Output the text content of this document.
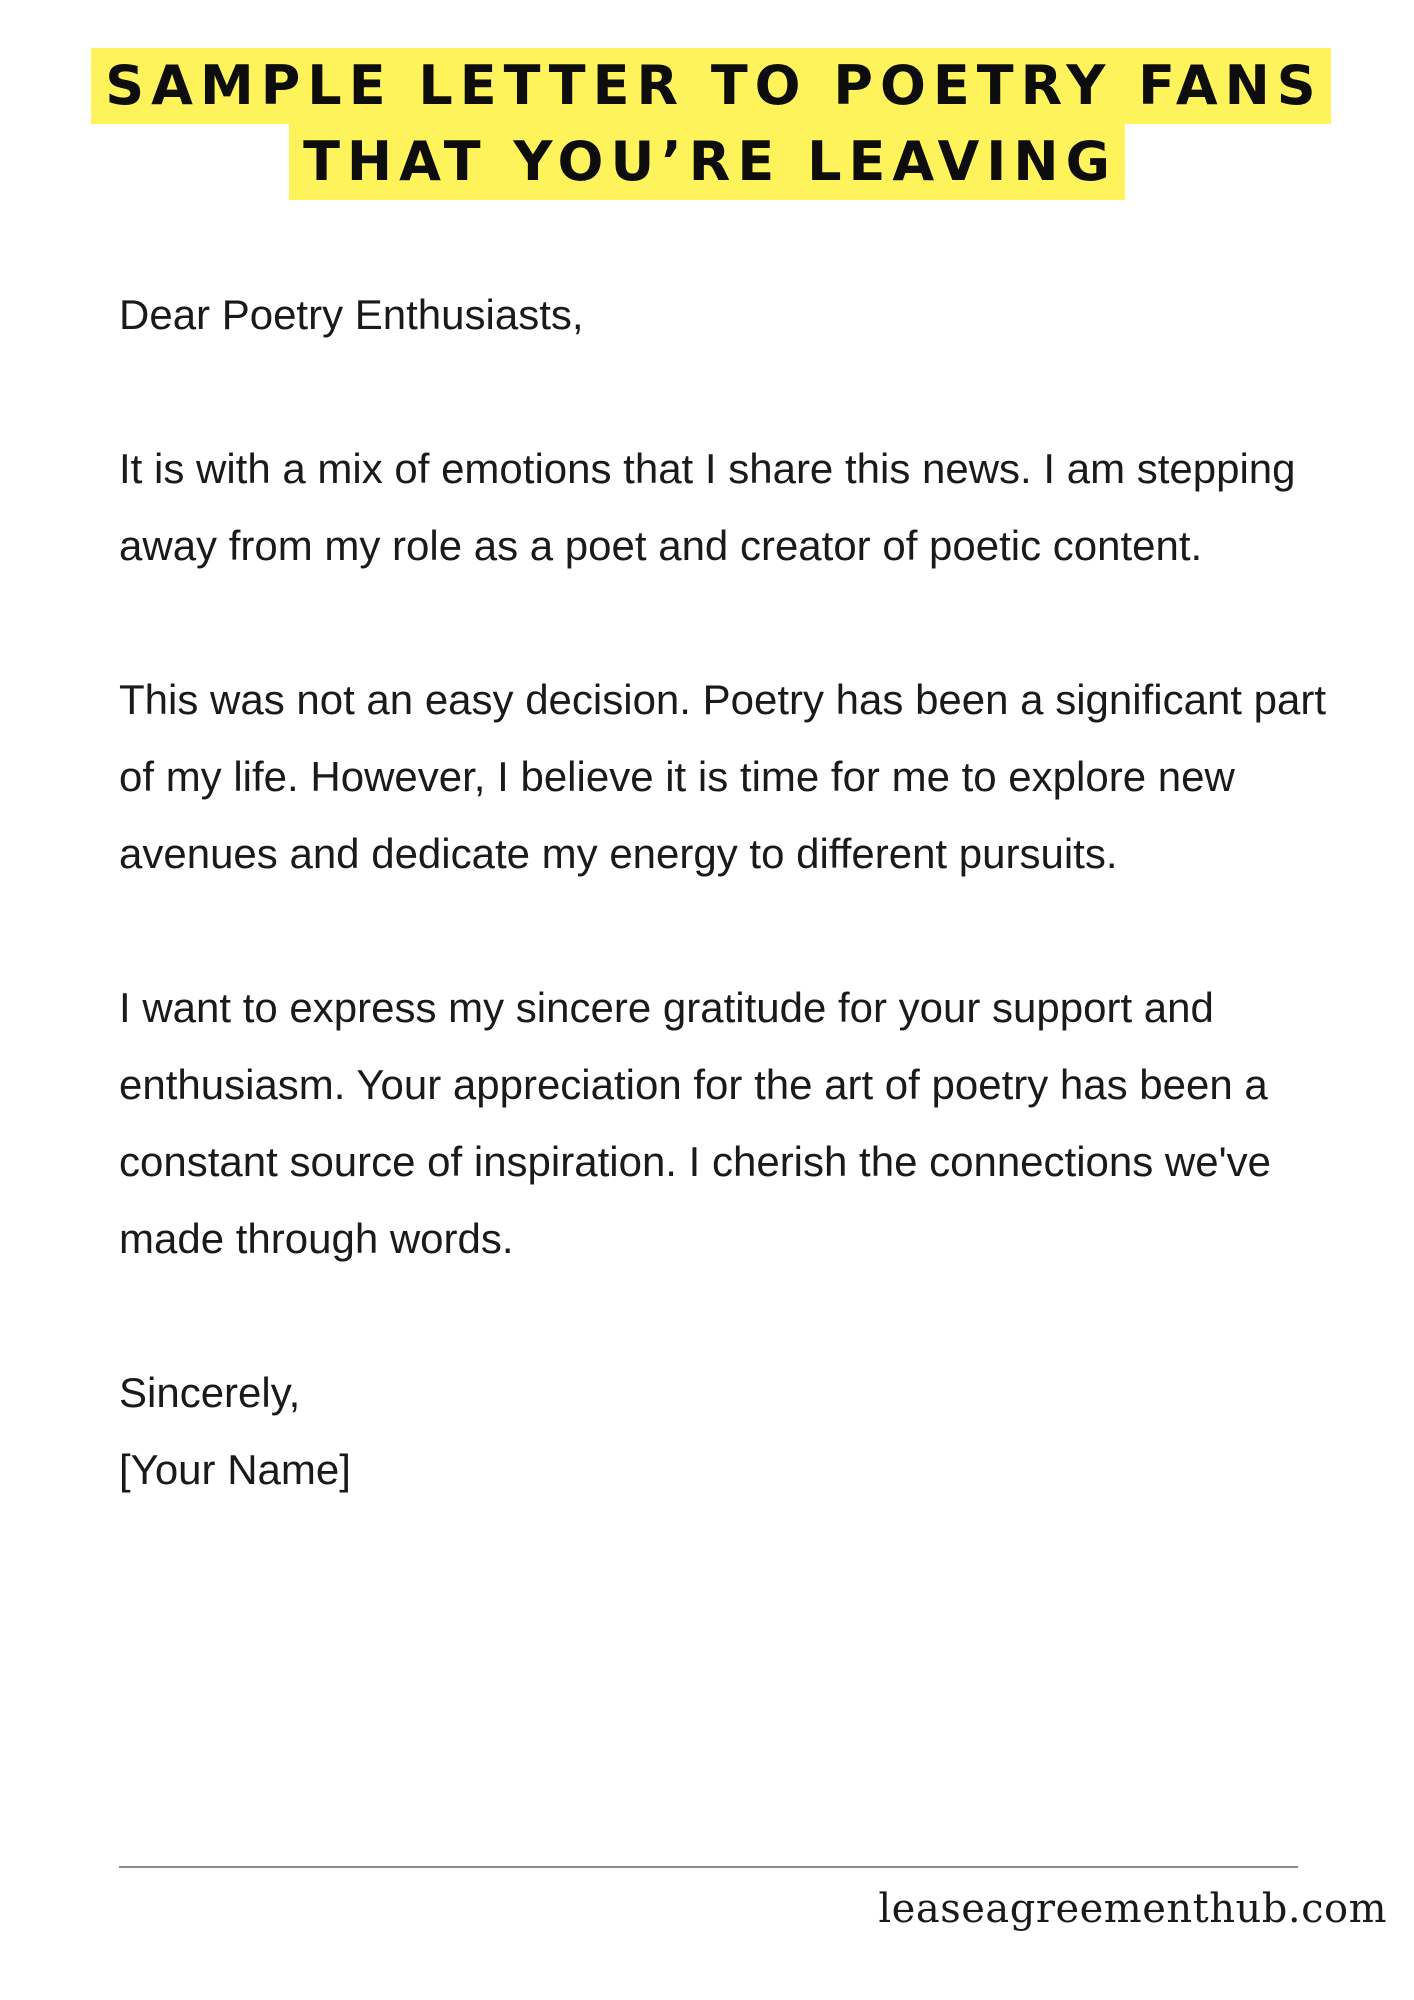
SAMPLE LETTER TO POETRY FANS
THAT YOU’RE LEAVING

Dear Poetry Enthusiasts,

It is with a mix of emotions that I share this news. I am stepping away from my role as a poet and creator of poetic content.

This was not an easy decision. Poetry has been a significant part of my life. However, I believe it is time for me to explore new avenues and dedicate my energy to different pursuits.

I want to express my sincere gratitude for your support and enthusiasm. Your appreciation for the art of poetry has been a constant source of inspiration. I cherish the connections we've made through words.

Sincerely,

[Your Name]

leaseagreementhub.com
